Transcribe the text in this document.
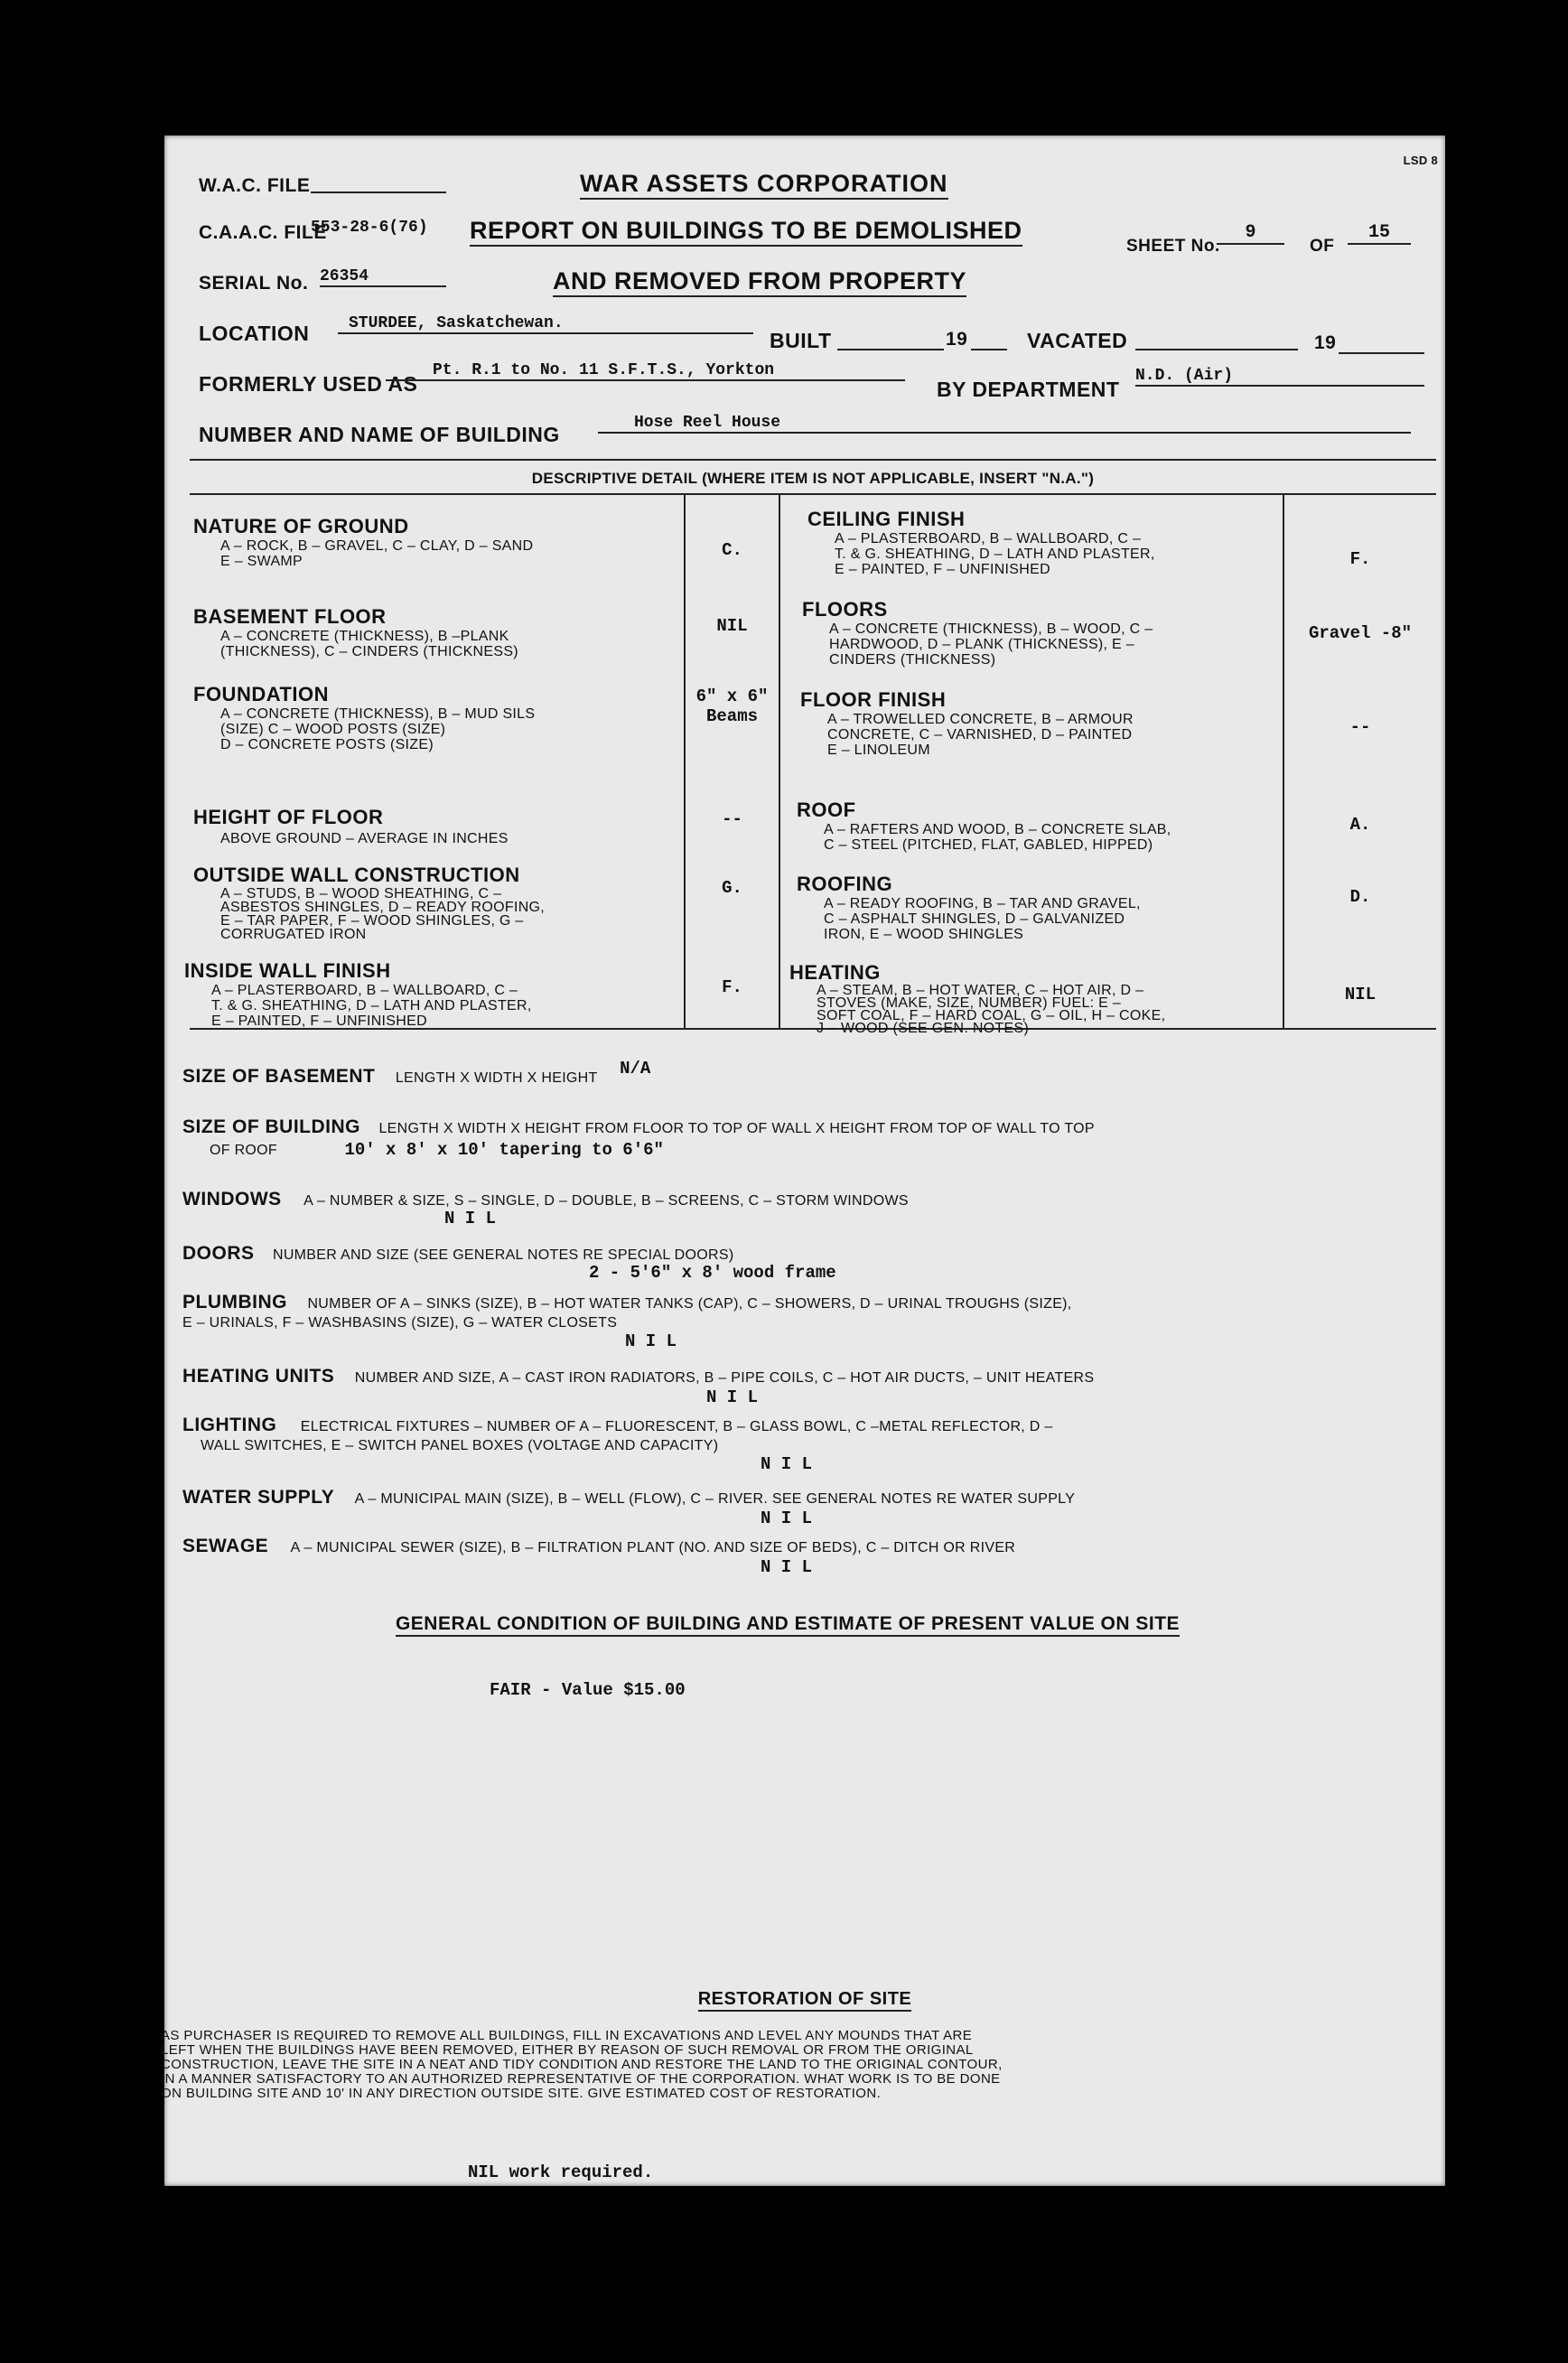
LSD 8
W.A.C. FILE	WAR ASSETS CORPORATION
C.A.A.C. FILE
553-28-6(76) REPORT ON BUILDINGS TO BE DEMOLISHED
SHEET No.
9
OF
15
SERIAL No. 26354	AND REMOVED FROM PROPERTY
LOCATION	STURDEE, Saskatchewan.
BUILT	19	VACATED	19
FORMERLY USED AS
Pt. R.1 to No. 11 S.F.T.S., Yorkton
BY DEPARTMENT
N.D. (Air)
NUMBER AND NAME OF BUILDING	Hose Reel House
DESCRIPTIVE DETAIL (WHERE ITEM IS NOT APPLICABLE, INSERT "N.A.")
NATURE OF GROUND
A – ROCK, B – GRAVEL, C – CLAY, D – SAND
E – SWAMP
C.
BASEMENT FLOOR
A – CONCRETE (THICKNESS), B –PLANK
(THICKNESS), C – CINDERS (THICKNESS)
NIL
FOUNDATION
A – CONCRETE (THICKNESS), B – MUD SILS
(SIZE) C – WOOD POSTS (SIZE)
D – CONCRETE POSTS (SIZE)
6" x 6" Beams
HEIGHT OF FLOOR
ABOVE GROUND – AVERAGE IN INCHES
--
OUTSIDE WALL CONSTRUCTION
A – STUDS, B – WOOD SHEATHING, C –
ASBESTOS SHINGLES, D – READY ROOFING,
E – TAR PAPER, F – WOOD SHINGLES, G –
CORRUGATED IRON
G.
INSIDE WALL FINISH
A – PLASTERBOARD, B – WALLBOARD, C –
T. & G. SHEATHING, D – LATH AND PLASTER,
E – PAINTED, F – UNFINISHED
F.
CEILING FINISH
A – PLASTERBOARD, B – WALLBOARD, C –
T. & G. SHEATHING, D – LATH AND PLASTER,
E – PAINTED, F – UNFINISHED
F.
FLOORS
A – CONCRETE (THICKNESS), B – WOOD, C –
HARDWOOD, D – PLANK (THICKNESS), E –
CINDERS (THICKNESS)
Gravel -8"
FLOOR FINISH
A – TROWELLED CONCRETE, B – ARMOUR
CONCRETE, C – VARNISHED, D – PAINTED
E – LINOLEUM
--
ROOF
A – RAFTERS AND WOOD, B – CONCRETE SLAB,
C – STEEL (PITCHED, FLAT, GABLED, HIPPED)
A.
ROOFING
A – READY ROOFING, B – TAR AND GRAVEL,
C – ASPHALT SHINGLES, D – GALVANIZED
IRON, E – WOOD SHINGLES
D.
HEATING
A – STEAM, B – HOT WATER, C – HOT AIR, D –
STOVES (MAKE, SIZE, NUMBER) FUEL: E –
SOFT COAL, F – HARD COAL, G – OIL, H – COKE,
J – WOOD (SEE GEN. NOTES)
NIL
SIZE OF BASEMENT LENGTH X WIDTH X HEIGHT N/A
SIZE OF BUILDING LENGTH X WIDTH X HEIGHT FROM FLOOR TO TOP OF WALL X HEIGHT FROM TOP OF WALL TO TOP
OF ROOF	10' x 8' x 10' tapering to 6'6"
WINDOWS A – NUMBER & SIZE, S – SINGLE, D – DOUBLE, B – SCREENS, C – STORM WINDOWS
N I L
DOORS NUMBER AND SIZE (SEE GENERAL NOTES RE SPECIAL DOORS)
2 - 5'6" x 8' wood frame
PLUMBING NUMBER OF A – SINKS (SIZE), B – HOT WATER TANKS (CAP), C – SHOWERS, D – URINAL TROUGHS (SIZE),
E – URINALS, F – WASHBASINS (SIZE), G – WATER CLOSETS
N I L
HEATING UNITS NUMBER AND SIZE, A – CAST IRON RADIATORS, B – PIPE COILS, C – HOT AIR DUCTS, – UNIT HEATERS
N I L
LIGHTING ELECTRICAL FIXTURES – NUMBER OF A – FLUORESCENT, B – GLASS BOWL, C –METAL REFLECTOR, D –
WALL SWITCHES, E – SWITCH PANEL BOXES (VOLTAGE AND CAPACITY)
N I L
WATER SUPPLY A – MUNICIPAL MAIN (SIZE), B – WELL (FLOW), C – RIVER. SEE GENERAL NOTES RE WATER SUPPLY
N I L
SEWAGE A – MUNICIPAL SEWER (SIZE), B – FILTRATION PLANT (NO. AND SIZE OF BEDS), C – DITCH OR RIVER
N I L
GENERAL CONDITION OF BUILDING AND ESTIMATE OF PRESENT VALUE ON SITE
FAIR - Value $15.00
RESTORATION OF SITE
AS PURCHASER IS REQUIRED TO REMOVE ALL BUILDINGS, FILL IN EXCAVATIONS AND LEVEL ANY MOUNDS THAT ARE
LEFT WHEN THE BUILDINGS HAVE BEEN REMOVED, EITHER BY REASON OF SUCH REMOVAL OR FROM THE ORIGINAL
CONSTRUCTION, LEAVE THE SITE IN A NEAT AND TIDY CONDITION AND RESTORE THE LAND TO THE ORIGINAL CONTOUR,
IN A MANNER SATISFACTORY TO AN AUTHORIZED REPRESENTATIVE OF THE CORPORATION. WHAT WORK IS TO BE DONE
ON BUILDING SITE AND 10' IN ANY DIRECTION OUTSIDE SITE. GIVE ESTIMATED COST OF RESTORATION.
NIL work required.
